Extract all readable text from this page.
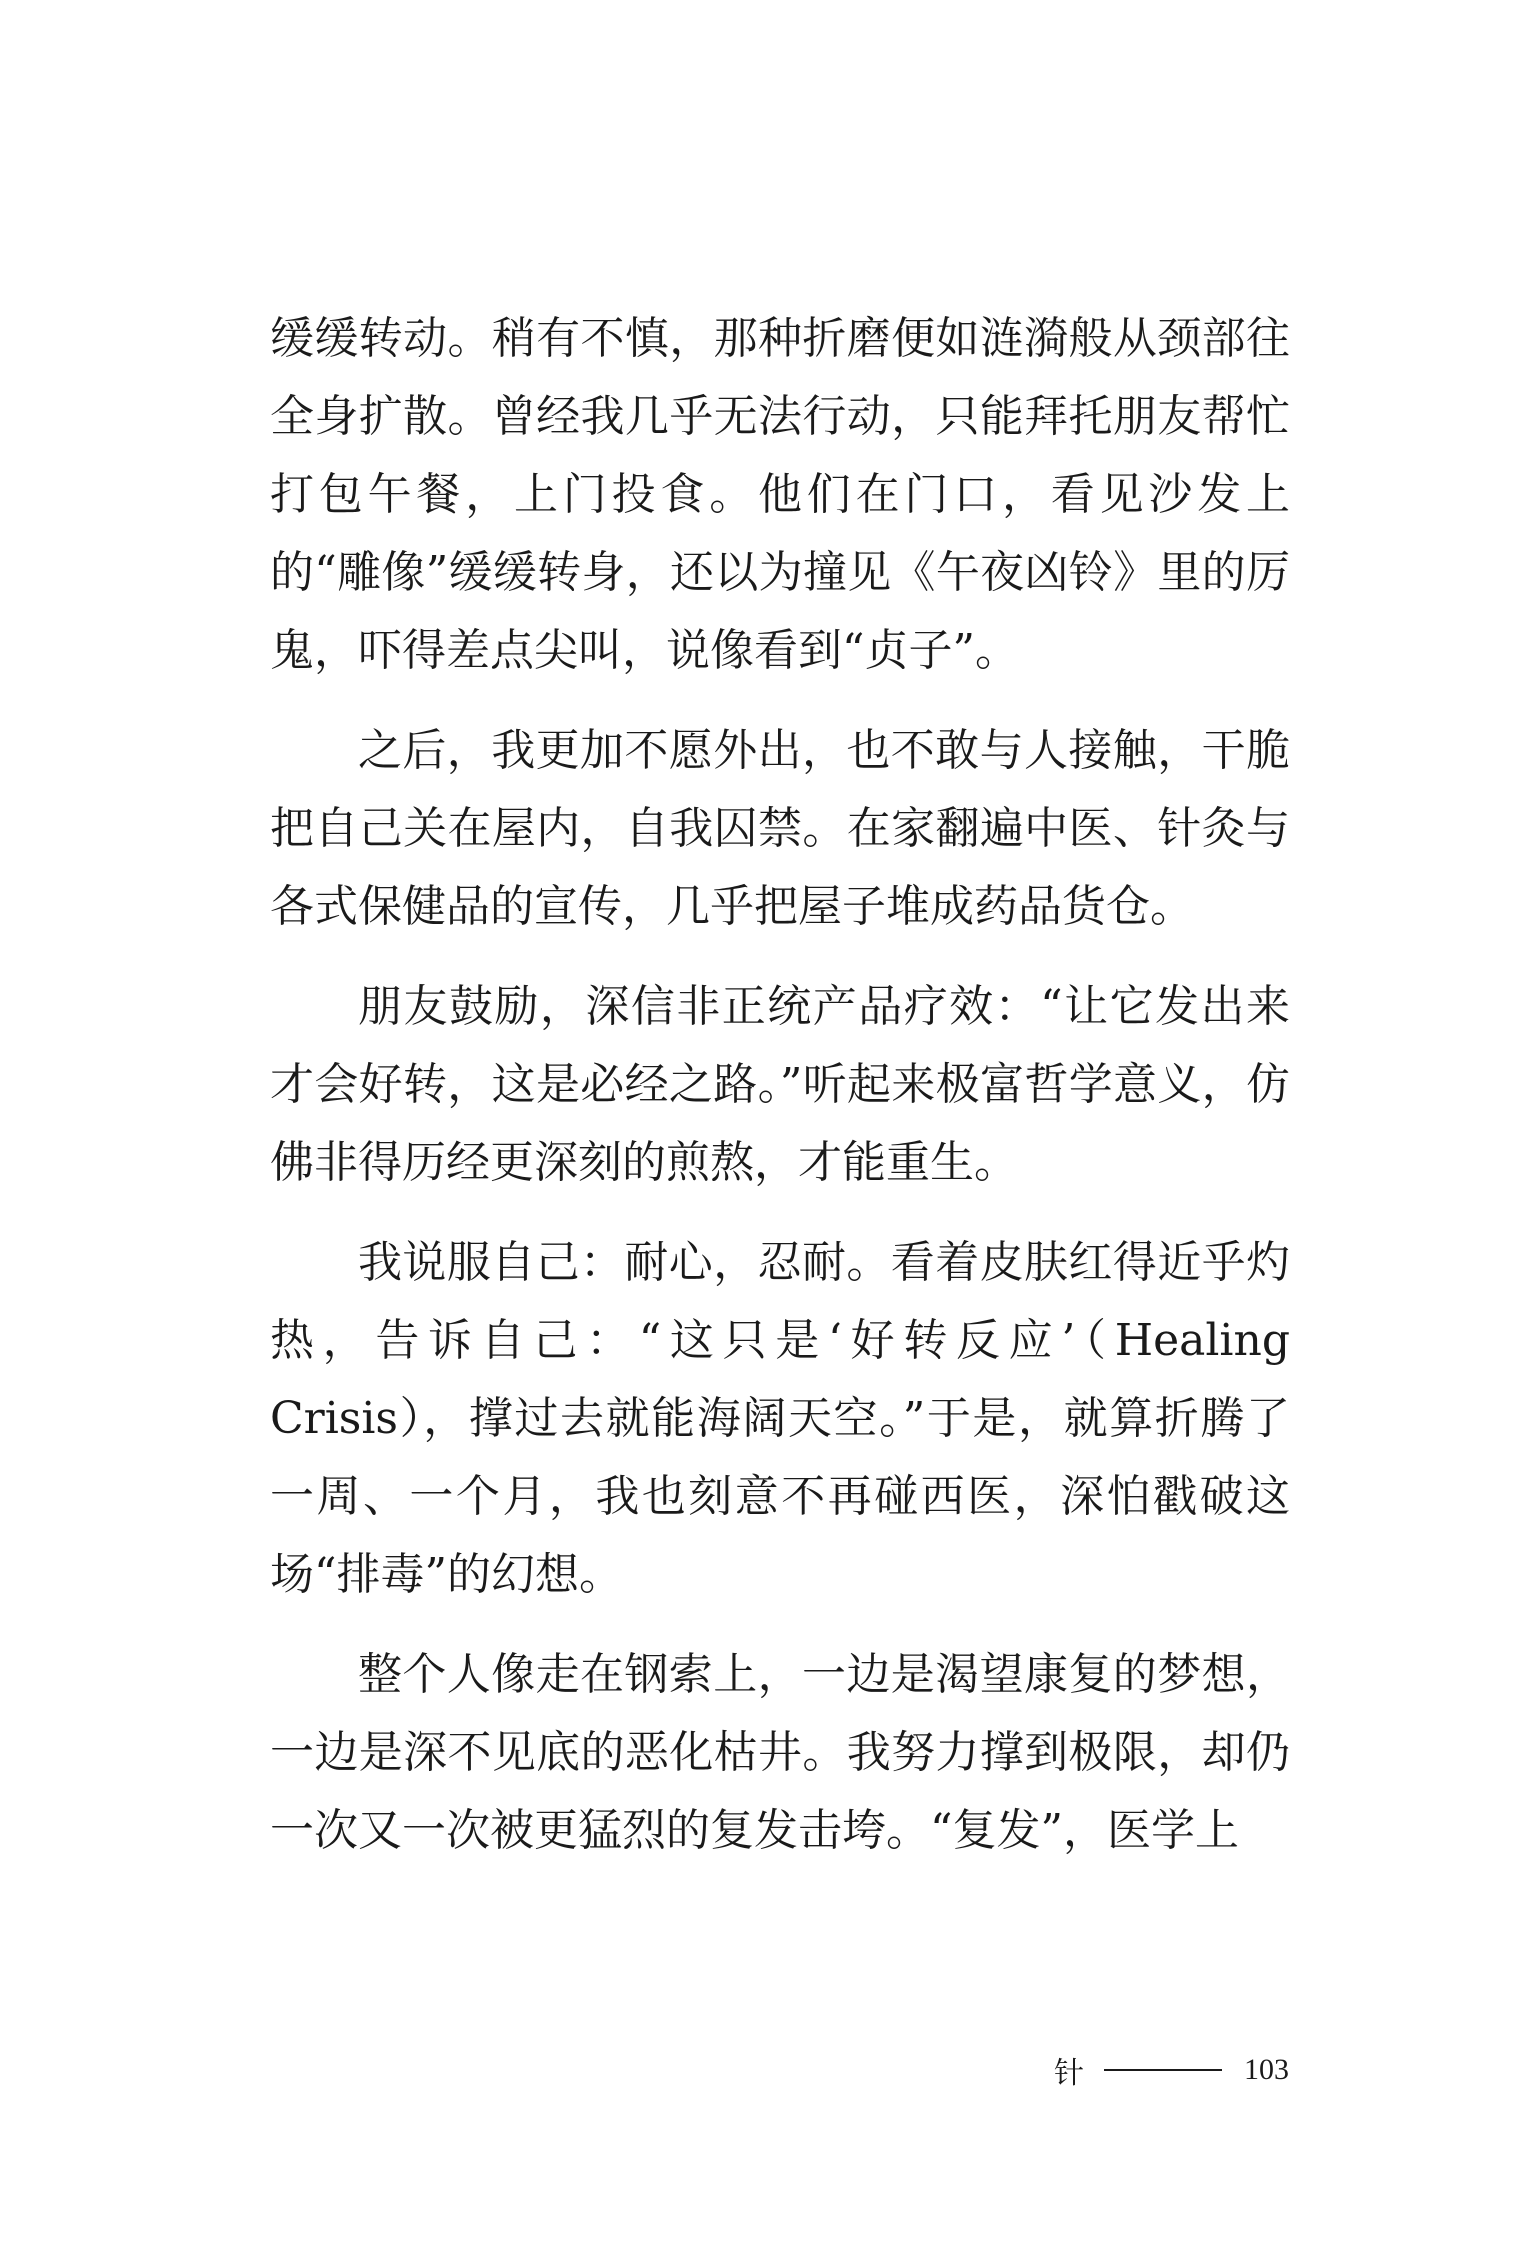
缓缓转动。稍有不慎，那种折磨便如涟漪般从颈部往全身扩散。曾经我几乎无法行动，只能拜托朋友帮忙打包午餐，上门投食。他们在门口，看见沙发上的“雕像”缓缓转身，还以为撞见《午夜凶铃》里的厉鬼，吓得差点尖叫，说像看到“贞子”。

之后，我更加不愿外出，也不敢与人接触，干脆把自己关在屋内，自我囚禁。在家翻遍中医、针灸与各式保健品的宣传，几乎把屋子堆成药品货仓。

朋友鼓励，深信非正统产品疗效：“让它发出来才会好转，这是必经之路。”听起来极富哲学意义，仿佛非得历经更深刻的煎熬，才能重生。

我说服自己：耐心，忍耐。看着皮肤红得近乎灼热，告诉自己：“这只是‘好转反应’（Healing Crisis），撑过去就能海阔天空。”于是，就算折腾了一周、一个月，我也刻意不再碰西医，深怕戳破这场“排毒”的幻想。

整个人像走在钢索上，一边是渴望康复的梦想，一边是深不见底的恶化枯井。我努力撑到极限，却仍一次又一次被更猛烈的复发击垮。“复发”，医学上

针	103
